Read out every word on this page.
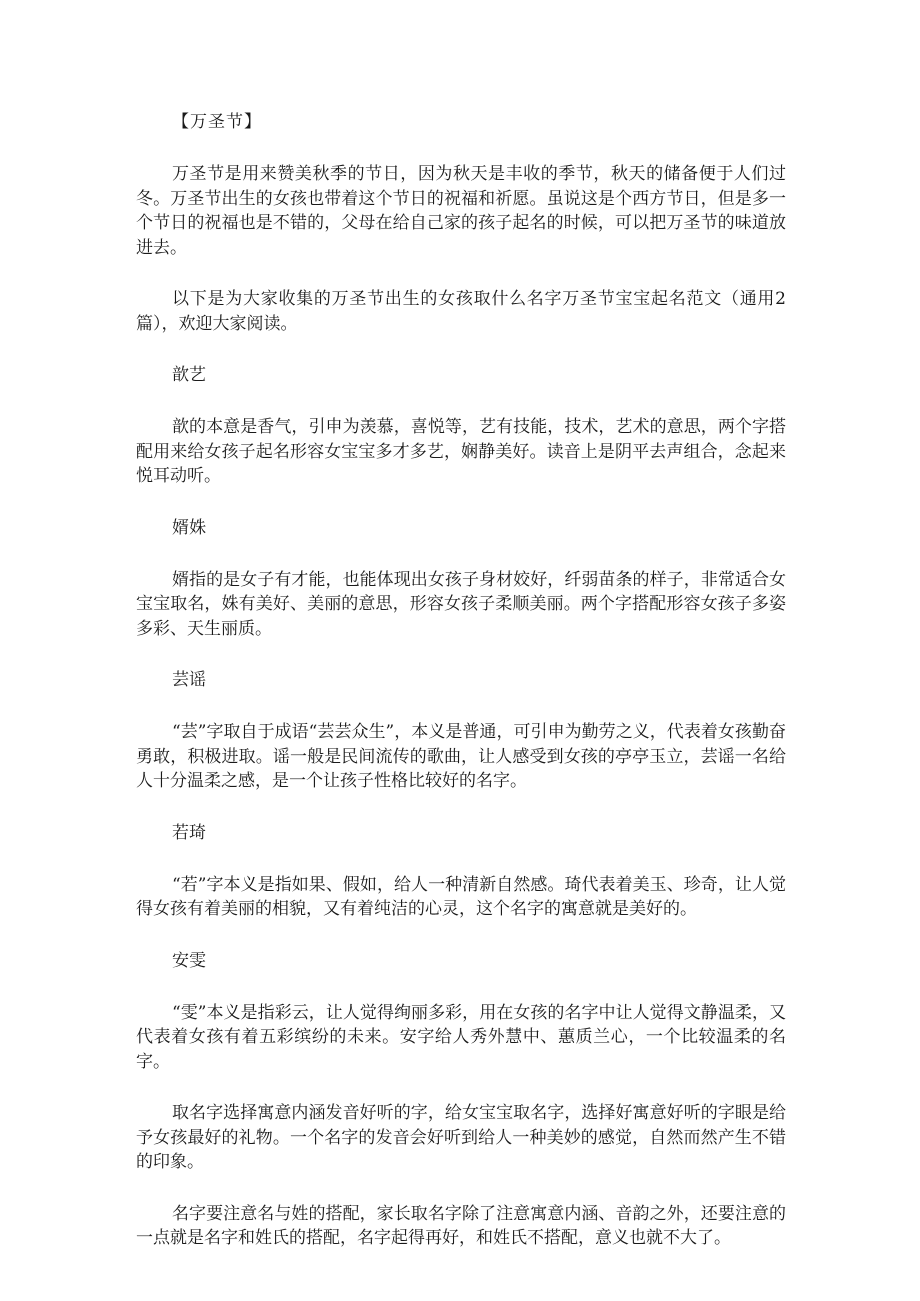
【万圣节】

万圣节是用来赞美秋季的节日，因为秋天是丰收的季节，秋天的储备便于人们过冬。万圣节出生的女孩也带着这个节日的祝福和祈愿。虽说这是个西方节日，但是多一个节日的祝福也是不错的，父母在给自己家的孩子起名的时候，可以把万圣节的味道放进去。

以下是为大家收集的万圣节出生的女孩取什么名字万圣节宝宝起名范文（通用2篇），欢迎大家阅读。

歆艺

歆的本意是香气，引申为羡慕，喜悦等，艺有技能，技术，艺术的意思，两个字搭配用来给女孩子起名形容女宝宝多才多艺，娴静美好。读音上是阴平去声组合，念起来悦耳动听。

婿姝

婿指的是女子有才能，也能体现出女孩子身材姣好，纤弱苗条的样子，非常适合女宝宝取名，姝有美好、美丽的意思，形容女孩子柔顺美丽。两个字搭配形容女孩子多姿多彩、天生丽质。

芸谣

“芸”字取自于成语“芸芸众生”，本义是普通，可引申为勤劳之义，代表着女孩勤奋勇敢，积极进取。谣一般是民间流传的歌曲，让人感受到女孩的亭亭玉立，芸谣一名给人十分温柔之感，是一个让孩子性格比较好的名字。

若琦

“若”字本义是指如果、假如，给人一种清新自然感。琦代表着美玉、珍奇，让人觉得女孩有着美丽的相貌，又有着纯洁的心灵，这个名字的寓意就是美好的。

安雯

“雯”本义是指彩云，让人觉得绚丽多彩，用在女孩的名字中让人觉得文静温柔，又代表着女孩有着五彩缤纷的未来。安字给人秀外慧中、蕙质兰心，一个比较温柔的名字。

取名字选择寓意内涵发音好听的字，给女宝宝取名字，选择好寓意好听的字眼是给予女孩最好的礼物。一个名字的发音会好听到给人一种美妙的感觉，自然而然产生不错的印象。

名字要注意名与姓的搭配，家长取名字除了注意寓意内涵、音韵之外，还要注意的一点就是名字和姓氏的搭配，名字起得再好，和姓氏不搭配，意义也就不大了。
